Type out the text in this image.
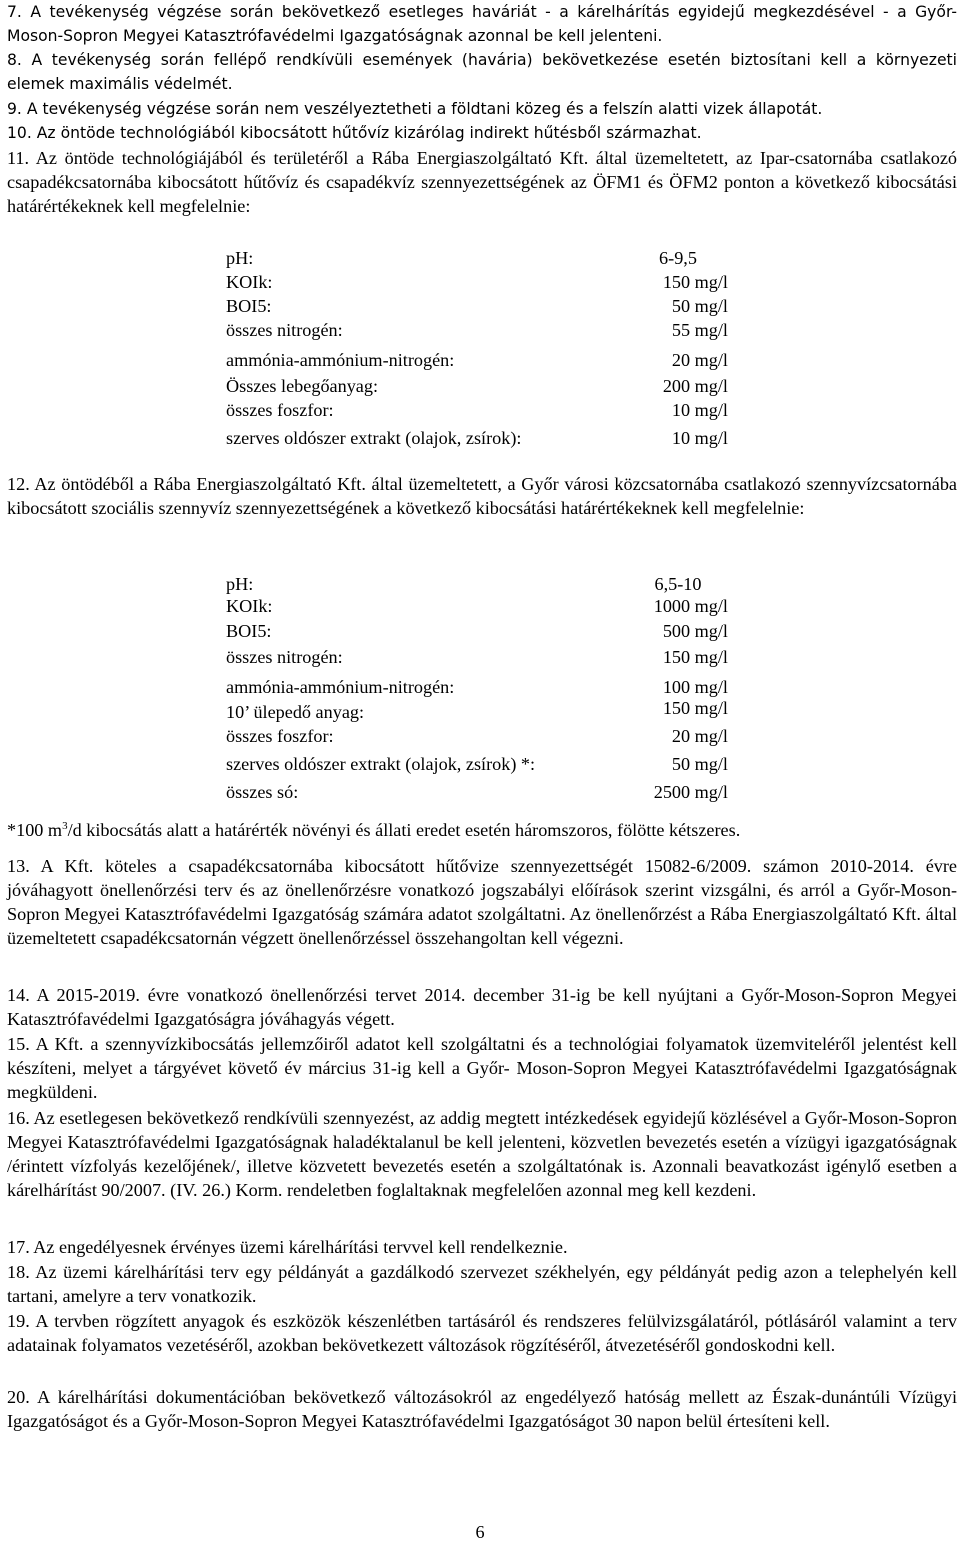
7. A tevékenység végzése során bekövetkező esetleges haváriát - a kárelhárítás egyidejű megkezdésével - a Győr-Moson-Sopron Megyei Katasztrófavédelmi Igazgatóságnak azonnal be kell jelenteni.

8. A tevékenység során fellépő rendkívüli események (havária) bekövetkezése esetén biztosítani kell a környezeti elemek maximális védelmét.

9. A tevékenység végzése során nem veszélyeztetheti a földtani közeg és a felszín alatti vizek állapotát.

10. Az öntöde technológiából kibocsátott hűtővíz kizárólag indirekt hűtésből származhat.

11. Az öntöde technológiájából és területéről a Rába Energiaszolgáltató Kft. által üzemeltetett, az Ipar-csatornába csatlakozó csapadékcsatornába kibocsátott hűtővíz és csapadékvíz szennyezettségének az ÖFM1 és ÖFM2 ponton a következő kibocsátási határértékeknek kell megfelelnie:

pH:	6-9,5
KOIk:	150 mg/l
BOI5:	50 mg/l
összes nitrogén:	55 mg/l
ammónia-ammónium-nitrogén:	20 mg/l
Összes lebegőanyag:	200 mg/l
összes foszfor:	10 mg/l
szerves oldószer extrakt (olajok, zsírok):	10 mg/l

12. Az öntödéből a Rába Energiaszolgáltató Kft. által üzemeltetett, a Győr városi közcsatornába csatlakozó szennyvízcsatornába kibocsátott szociális szennyvíz szennyezettségének a következő kibocsátási határértékeknek kell megfelelnie:

pH:	6,5-10
KOIk:	1000 mg/l
BOI5:	500 mg/l
összes nitrogén:	150 mg/l
ammónia-ammónium-nitrogén:	100 mg/l
10’ ülepedő anyag:	150 mg/l
összes foszfor:	20 mg/l
szerves oldószer extrakt (olajok, zsírok) *:	50 mg/l
összes só:	2500 mg/l
*100 $m^3/d$ kibocsátás alatt a határérték növényi és állati eredet esetén háromszoros, fölötte kétszeres.

13. A Kft. köteles a csapadékcsatornába kibocsátott hűtővize szennyezettségét 15082-6/2009. számon 2010-2014. évre jóváhagyott önellenőrzési terv és az önellenőrzésre vonatkozó jogszabályi előírások szerint vizsgálni, és arról a Győr-Moson-Sopron Megyei Katasztrófavédelmi Igazgatóság számára adatot szolgáltatni. Az önellenőrzést a Rába Energiaszolgáltató Kft. által üzemeltetett csapadékcsatornán végzett önellenőrzéssel összehangoltan kell végezni.

14. A 2015-2019. évre vonatkozó önellenőrzési tervet 2014. december 31-ig be kell nyújtani a Győr-Moson-Sopron Megyei Katasztrófavédelmi Igazgatóságra jóváhagyás végett.

15. A Kft. a szennyvízkibocsátás jellemzőiről adatot kell szolgáltatni és a technológiai folyamatok üzemviteléről jelentést kell készíteni, melyet a tárgyévet követő év március 31-ig kell a Győr- Moson-Sopron Megyei Katasztrófavédelmi Igazgatóságnak megküldeni.

16. Az esetlegesen bekövetkező rendkívüli szennyezést, az addig megtett intézkedések egyidejű közlésével a Győr-Moson-Sopron Megyei Katasztrófavédelmi Igazgatóságnak haladéktalanul be kell jelenteni, közvetlen bevezetés esetén a vízügyi igazgatóságnak /érintett vízfolyás kezelőjének/, illetve közvetett bevezetés esetén a szolgáltatónak is. Azonnali beavatkozást igénylő esetben a kárelhárítást 90/2007. (IV. 26.) Korm. rendeletben foglaltaknak megfelelően azonnal meg kell kezdeni.

17. Az engedélyesnek érvényes üzemi kárelhárítási tervvel kell rendelkeznie.

18. Az üzemi kárelhárítási terv egy példányát a gazdálkodó szervezet székhelyén, egy példányát pedig azon a telephelyén kell tartani, amelyre a terv vonatkozik.

19. A tervben rögzített anyagok és eszközök készenlétben tartásáról és rendszeres felülvizsgálatáról, pótlásáról valamint a terv adatainak folyamatos vezetéséről, azokban bekövetkezett változások rögzítéséről, átvezetéséről gondoskodni kell.

20. A kárelhárítási dokumentációban bekövetkező változásokról az engedélyező hatóság mellett az Észak-dunántúli Vízügyi Igazgatóságot és a Győr-Moson-Sopron Megyei Katasztrófavédelmi Igazgatóságot 30 napon belül értesíteni kell.

6
